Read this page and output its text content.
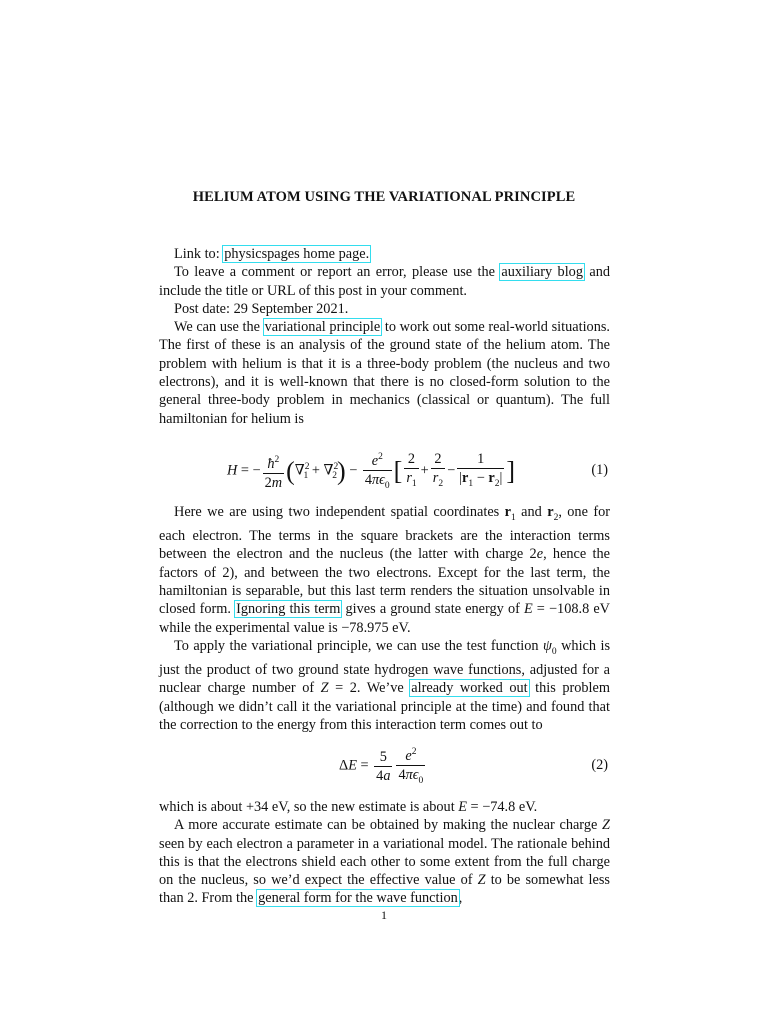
HELIUM ATOM USING THE VARIATIONAL PRINCIPLE

Link to: physicspages home page.

To leave a comment or report an error, please use the auxiliary blog and include the title or URL of this post in your comment.

Post date: 29 September 2021.

We can use the variational principle to work out some real-world situations. The first of these is an analysis of the ground state of the helium atom. The problem with helium is that it is a three-body problem (the nucleus and two electrons), and it is well-known that there is no closed-form solution to the general three-body problem in mechanics (classical or quantum). The full hamiltonian for helium is

H = − $\frac{ħ^2}{2m} (\nabla^2_1 + \nabla^2_2) - \frac{e^2}{4\pi\epsilon_0}$ [ $\frac{2}{r_1} + \frac{2}{r_2} - \frac{1}{|r_1 - r_2|}$ ]	(1)

Here we are using two independent spatial coordinates $r_1$ and $r_2$, one for each electron. The terms in the square brackets are the interaction terms between the electron and the nucleus (the latter with charge 2e, hence the factors of 2), and between the two electrons. Except for the last term, the hamiltonian is separable, but this last term renders the situation unsolvable in closed form. Ignoring this term gives a ground state energy of E = −108.8 eV while the experimental value is −78.975 eV.

To apply the variational principle, we can use the test function $\psi_0$ which is just the product of two ground state hydrogen wave functions, adjusted for a nuclear charge number of Z = 2. We’ve already worked out this problem (although we didn’t call it the variational principle at the time) and found that the correction to the energy from this interaction term comes out to

$\Delta E = \frac{5}{4a} \frac{e^2}{4\pi\epsilon_0}$	(2)

which is about +34 eV, so the new estimate is about E = −74.8 eV.

A more accurate estimate can be obtained by making the nuclear charge Z seen by each electron a parameter in a variational model. The rationale behind this is that the electrons shield each other to some extent from the full charge on the nucleus, so we’d expect the effective value of Z to be somewhat less than 2. From the general form for the wave function,

1
